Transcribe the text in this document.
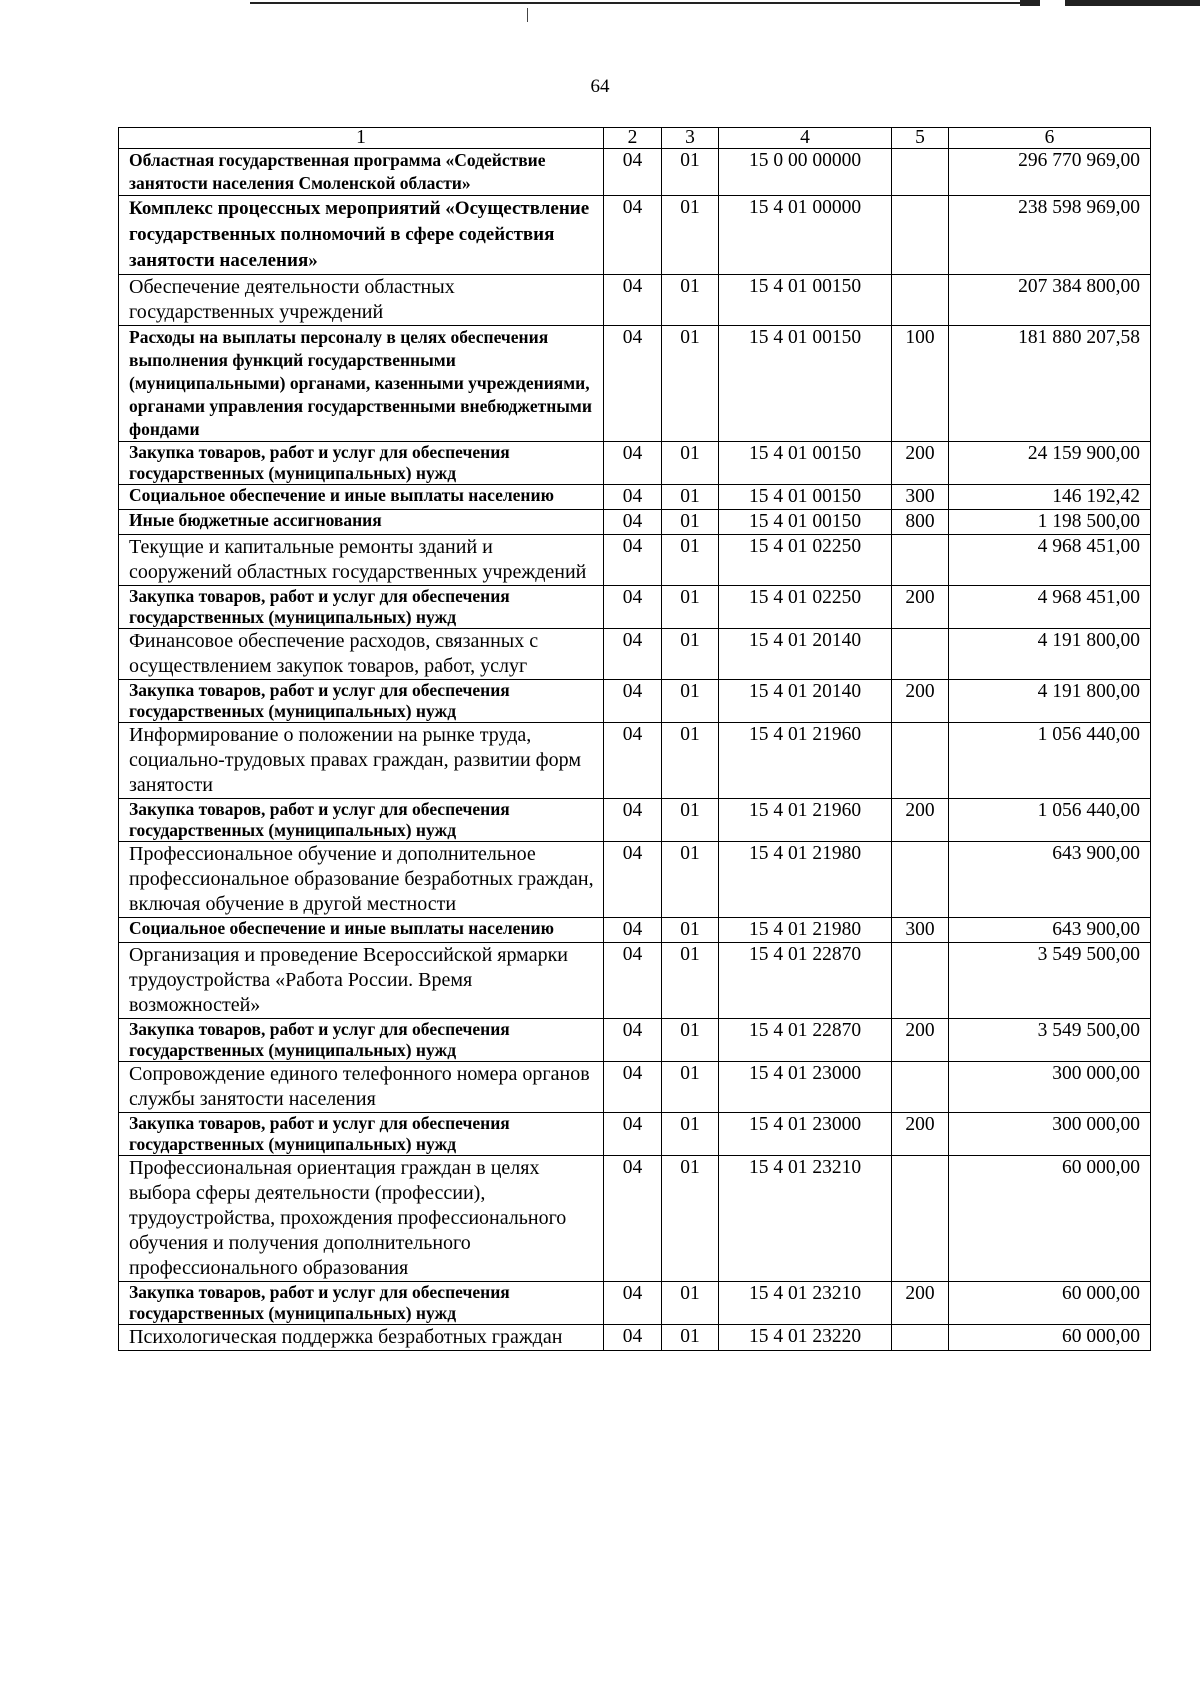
64
1	2	3	4	5	6
Областная государственная программа «Содействие занятости населения Смоленской области»	04	01	15 0 00 00000		296 770 969,00
Комплекс процессных мероприятий «Осуществление государственных полномочий в сфере содействия занятости населения»	04	01	15 4 01 00000		238 598 969,00
Обеспечение деятельности областных государственных учреждений	04	01	15 4 01 00150		207 384 800,00
Расходы на выплаты персоналу в целях обеспечения выполнения функций государственными (муниципальными) органами, казенными учреждениями, органами управления государственными внебюджетными фондами	04	01	15 4 01 00150	100	181 880 207,58
Закупка товаров, работ и услуг для обеспечения государственных (муниципальных) нужд	04	01	15 4 01 00150	200	24 159 900,00
Социальное обеспечение и иные выплаты населению	04	01	15 4 01 00150	300	146 192,42
Иные бюджетные ассигнования	04	01	15 4 01 00150	800	1 198 500,00
Текущие и капитальные ремонты зданий и сооружений областных государственных учреждений	04	01	15 4 01 02250		4 968 451,00
Закупка товаров, работ и услуг для обеспечения государственных (муниципальных) нужд	04	01	15 4 01 02250	200	4 968 451,00
Финансовое обеспечение расходов, связанных с осуществлением закупок товаров, работ, услуг	04	01	15 4 01 20140		4 191 800,00
Закупка товаров, работ и услуг для обеспечения государственных (муниципальных) нужд	04	01	15 4 01 20140	200	4 191 800,00
Информирование о положении на рынке труда, социально-трудовых правах граждан, развитии форм занятости	04	01	15 4 01 21960		1 056 440,00
Закупка товаров, работ и услуг для обеспечения государственных (муниципальных) нужд	04	01	15 4 01 21960	200	1 056 440,00
Профессиональное обучение и дополнительное профессиональное образование безработных граждан, включая обучение в другой местности	04	01	15 4 01 21980		643 900,00
Социальное обеспечение и иные выплаты населению	04	01	15 4 01 21980	300	643 900,00
Организация и проведение Всероссийской ярмарки трудоустройства «Работа России. Время возможностей»	04	01	15 4 01 22870		3 549 500,00
Закупка товаров, работ и услуг для обеспечения государственных (муниципальных) нужд	04	01	15 4 01 22870	200	3 549 500,00
Сопровождение единого телефонного номера органов службы занятости населения	04	01	15 4 01 23000		300 000,00
Закупка товаров, работ и услуг для обеспечения государственных (муниципальных) нужд	04	01	15 4 01 23000	200	300 000,00
Профессиональная ориентация граждан в целях выбора сферы деятельности (профессии), трудоустройства, прохождения профессионального обучения и получения дополнительного профессионального образования	04	01	15 4 01 23210		60 000,00
Закупка товаров, работ и услуг для обеспечения государственных (муниципальных) нужд	04	01	15 4 01 23210	200	60 000,00
Психологическая поддержка безработных граждан	04	01	15 4 01 23220		60 000,00
